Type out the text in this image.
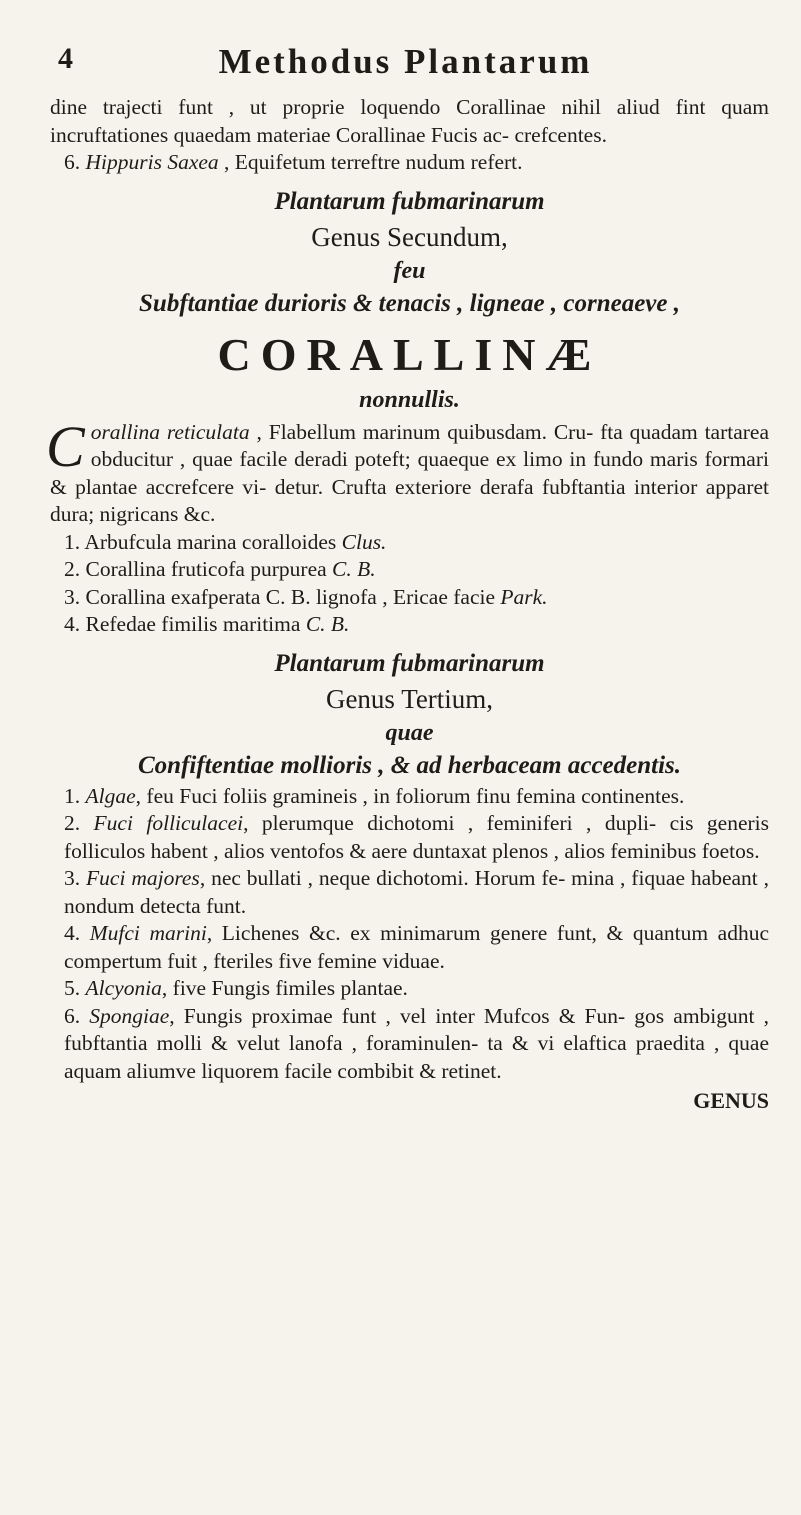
4	Methodus Plantarum

dine trajecti funt , ut proprie loquendo Corallinae nihil aliud fint quam incruftationes quaedam materiae Corallinae Fucis ac- crefcentes.

6. Hippuris Saxea , Equifetum terreftre nudum refert.

Plantarum fubmarinarum
Genus Secundum,
feu
Subftantiae durioris & tenacis , ligneae , corneaeve ,
CORALLINÆ
nonnullis.

C orallina reticulata , Flabellum marinum quibusdam. Cru- fta quadam tartarea obducitur , quae facile deradi poteft; quaeque ex limo in fundo maris formari & plantae accrefcere vi- detur. Crufta exteriore derafa fubftantia interior apparet dura; nigricans &c.

1. Arbufcula marina coralloides Clus.

2. Corallina fruticofa purpurea C. B.

3. Corallina exafperata C. B. lignofa , Ericae facie Park.

4. Refedae fimilis maritima C. B.

Plantarum fubmarinarum
Genus Tertium,
quae
Confiftentiae mollioris , & ad herbaceam accedentis.

1. Algae, feu Fuci foliis gramineis , in foliorum finu femina continentes.

2. Fuci folliculacei, plerumque dichotomi , feminiferi , dupli- cis generis folliculos habent , alios ventofos & aere duntaxat plenos , alios feminibus foetos.

3. Fuci majores, nec bullati , neque dichotomi. Horum fe- mina , fiquae habeant , nondum detecta funt.

4. Mufci marini, Lichenes &c. ex minimarum genere funt, & quantum adhuc compertum fuit , fteriles five femine viduae.

5. Alcyonia, five Fungis fimiles plantae.

6. Spongiae, Fungis proximae funt , vel inter Mufcos & Fun- gos ambigunt , fubftantia molli & velut lanofa , foraminulen- ta & vi elaftica praedita , quae aquam aliumve liquorem facile combibit & retinet.

GENUS
